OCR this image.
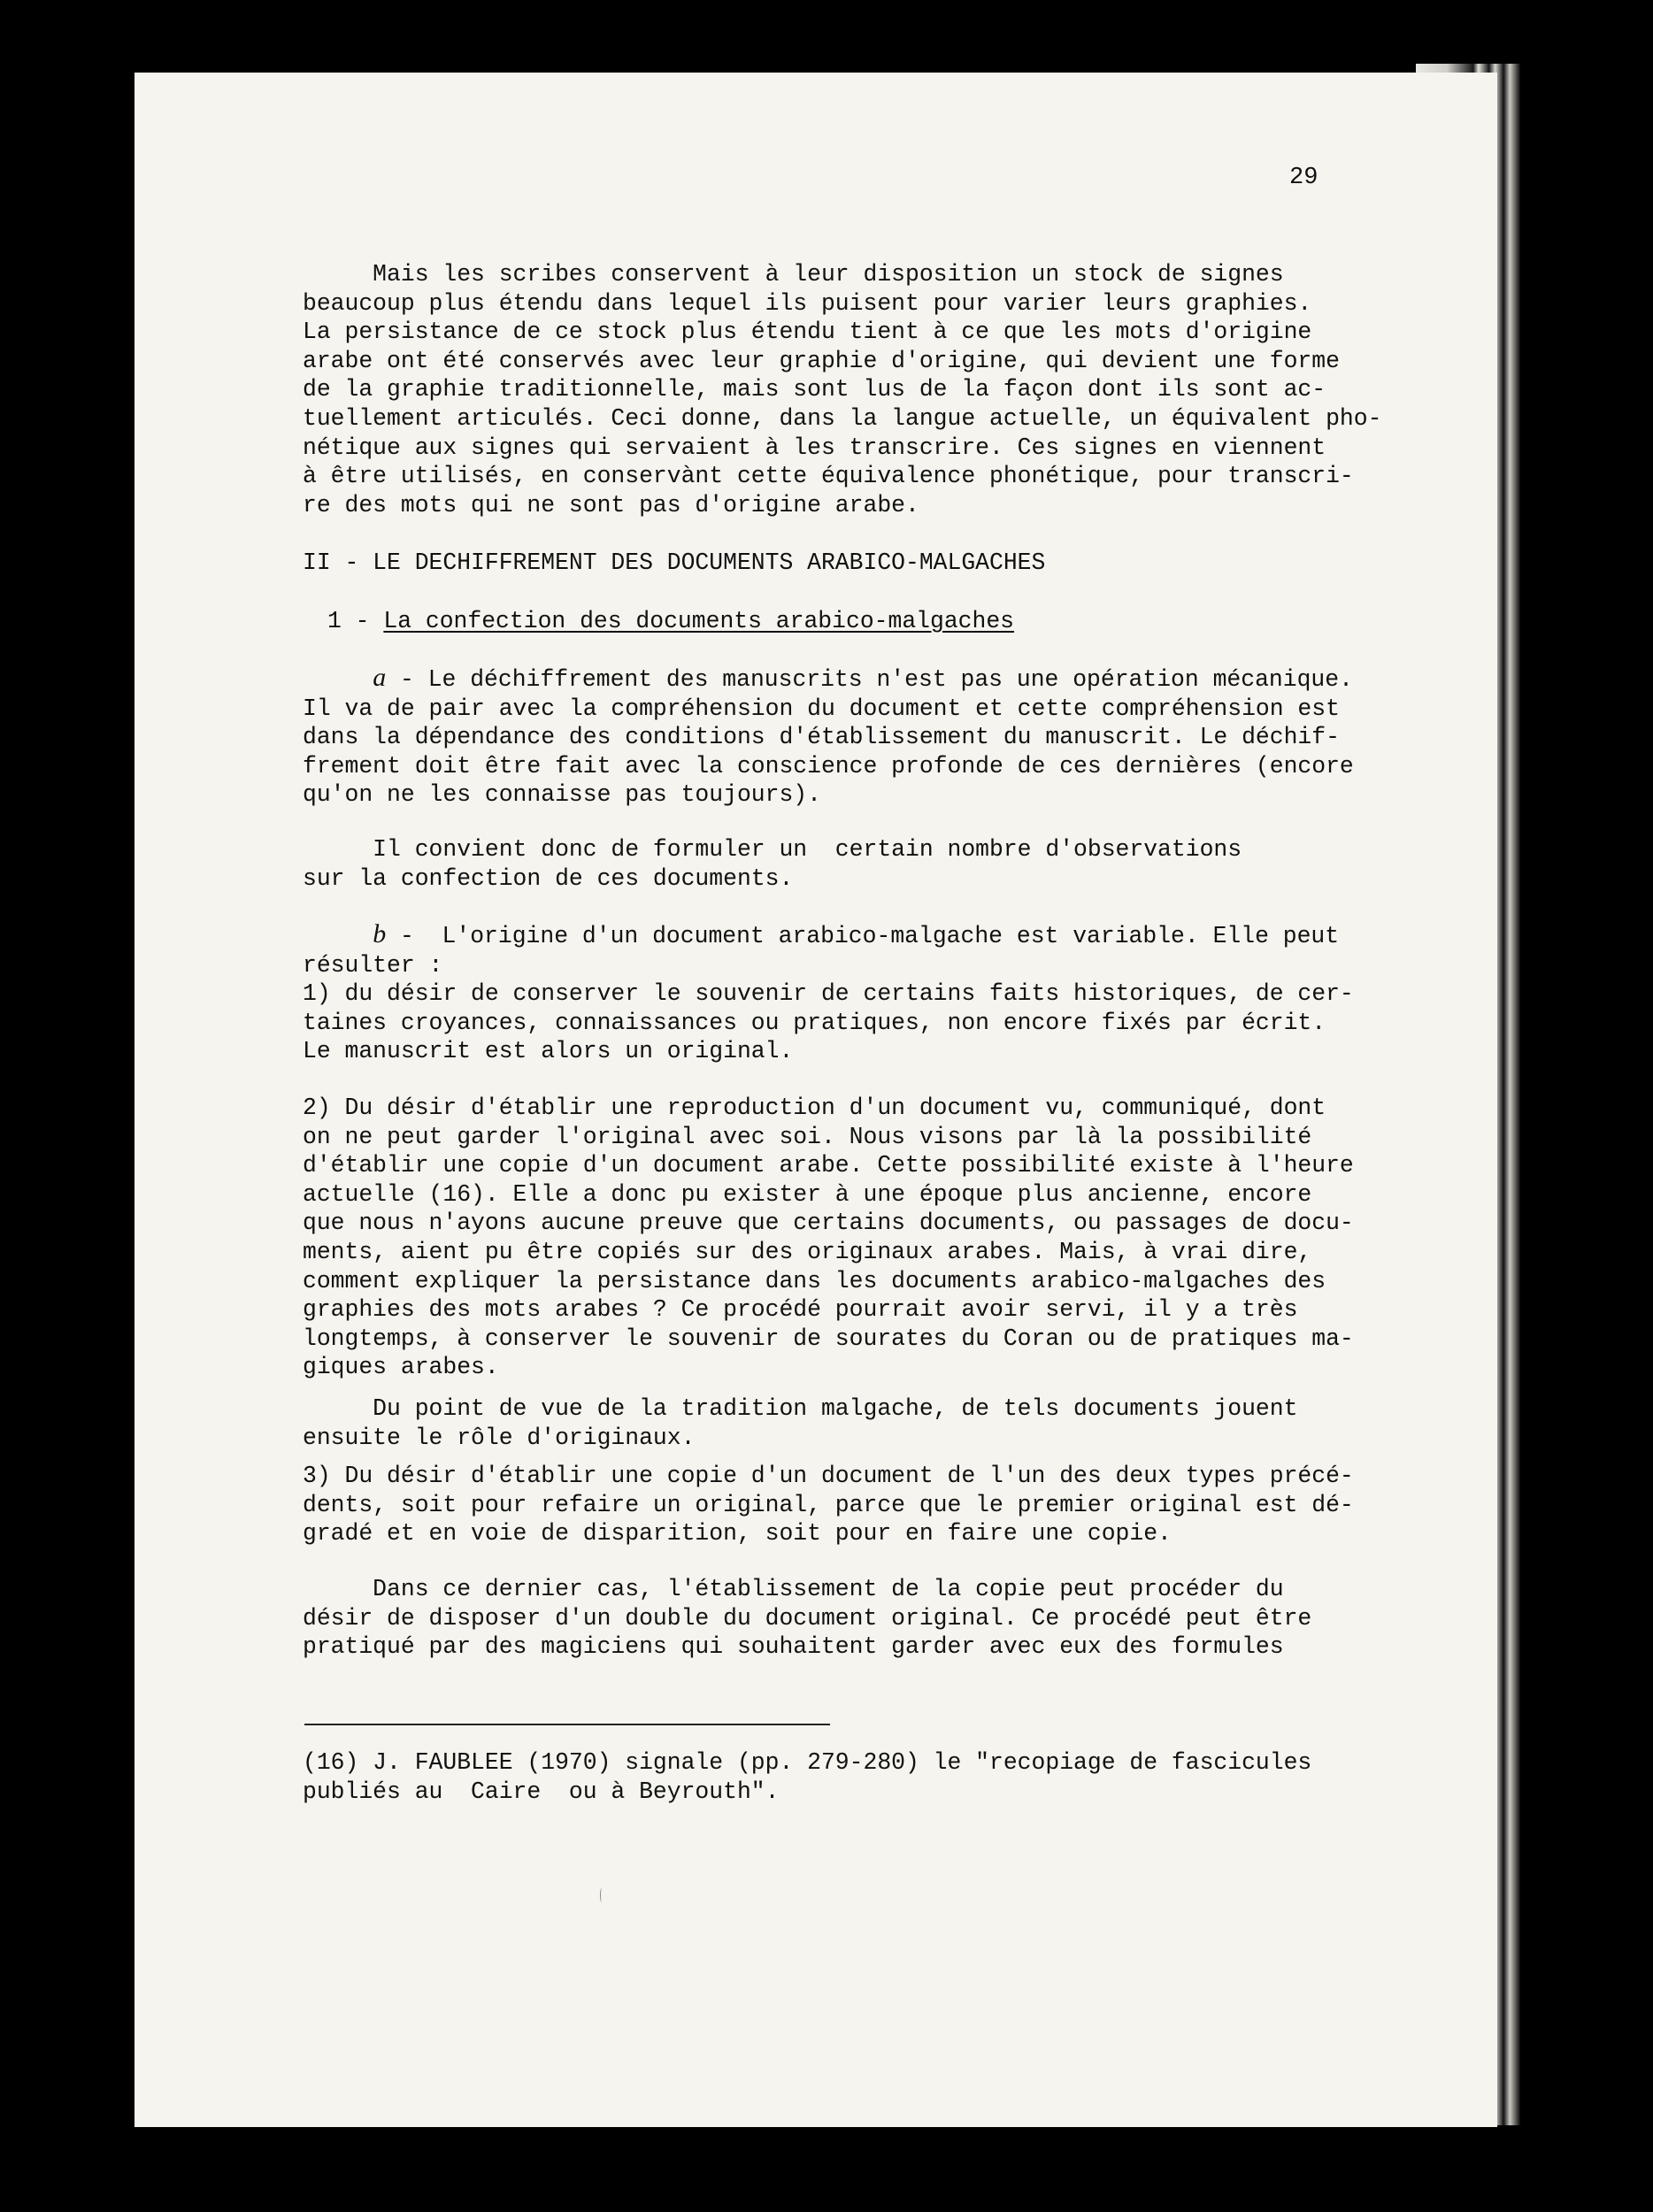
29

Mais les scribes conservent à leur disposition un stock de signes
beaucoup plus étendu dans lequel ils puisent pour varier leurs graphies.
La persistance de ce stock plus étendu tient à ce que les mots d'origine
arabe ont été conservés avec leur graphie d'origine, qui devient une forme
de la graphie traditionnelle, mais sont lus de la façon dont ils sont ac-
tuellement articulés. Ceci donne, dans la langue actuelle, un équivalent pho-
nétique aux signes qui servaient à les transcrire. Ces signes en viennent
à être utilisés, en conservànt cette équivalence phonétique, pour transcri-
re des mots qui ne sont pas d'origine arabe.

II - LE DECHIFFREMENT DES DOCUMENTS ARABICO-MALGACHES

1 - La confection des documents arabico-malgaches

a - Le déchiffrement des manuscrits n'est pas une opération mécanique.
Il va de pair avec la compréhension du document et cette compréhension est
dans la dépendance des conditions d'établissement du manuscrit. Le déchif-
frement doit être fait avec la conscience profonde de ces dernières (encore
qu'on ne les connaisse pas toujours).

Il convient donc de formuler un  certain nombre d'observations
sur la confection de ces documents.

b -  L'origine d'un document arabico-malgache est variable. Elle peut
résulter :
1) du désir de conserver le souvenir de certains faits historiques, de cer-
taines croyances, connaissances ou pratiques, non encore fixés par écrit.
Le manuscrit est alors un original.

2) Du désir d'établir une reproduction d'un document vu, communiqué, dont
on ne peut garder l'original avec soi. Nous visons par là la possibilité
d'établir une copie d'un document arabe. Cette possibilité existe à l'heure
actuelle (16). Elle a donc pu exister à une époque plus ancienne, encore
que nous n'ayons aucune preuve que certains documents, ou passages de docu-
ments, aient pu être copiés sur des originaux arabes. Mais, à vrai dire,
comment expliquer la persistance dans les documents arabico-malgaches des
graphies des mots arabes ? Ce procédé pourrait avoir servi, il y a très
longtemps, à conserver le souvenir de sourates du Coran ou de pratiques ma-
giques arabes.

Du point de vue de la tradition malgache, de tels documents jouent
ensuite le rôle d'originaux.

3) Du désir d'établir une copie d'un document de l'un des deux types précé-
dents, soit pour refaire un original, parce que le premier original est dé-
gradé et en voie de disparition, soit pour en faire une copie.

Dans ce dernier cas, l'établissement de la copie peut procéder du
désir de disposer d'un double du document original. Ce procédé peut être
pratiqué par des magiciens qui souhaitent garder avec eux des formules

(16) J. FAUBLEE (1970) signale (pp. 279-280) le "recopiage de fascicules
publiés au  Caire  ou à Beyrouth".
